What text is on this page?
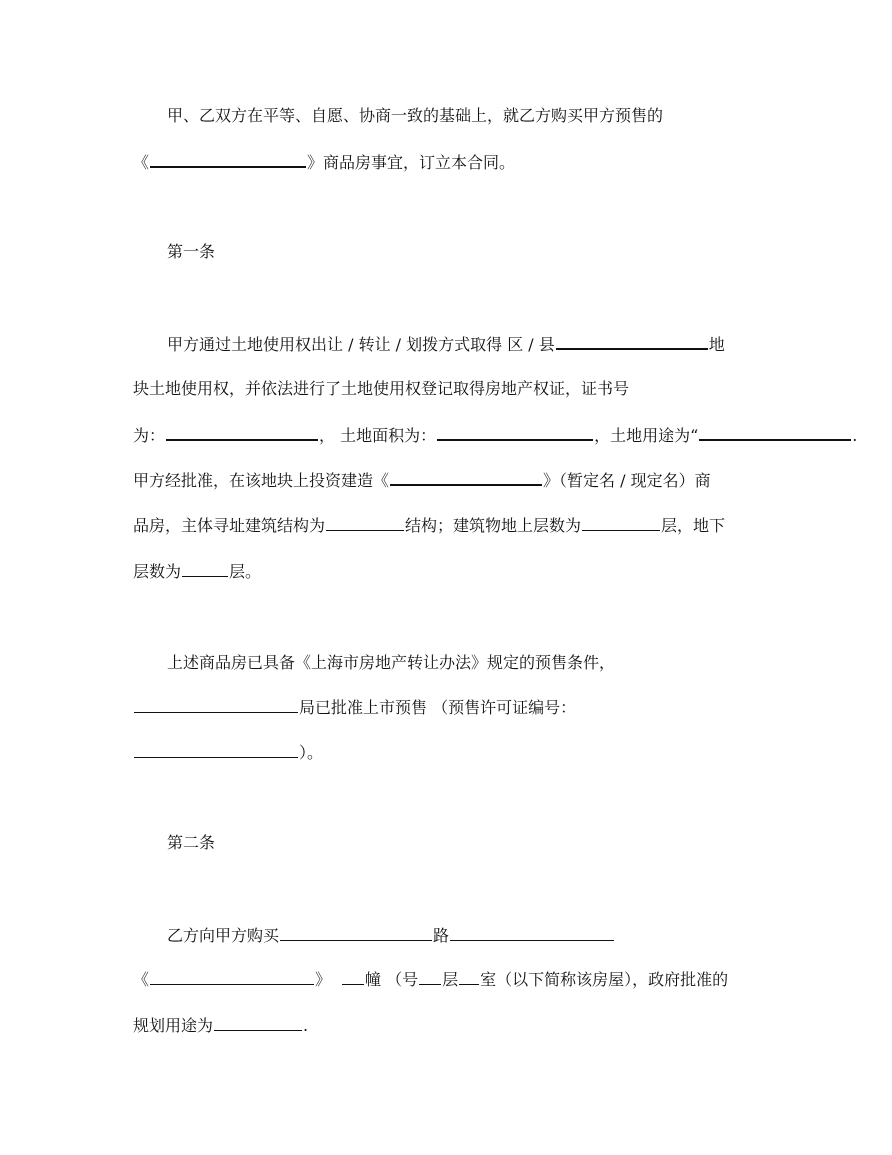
甲、乙双方在平等、自愿、协商一致的基础上，就乙方购买甲方预售的
《	》商品房事宜，订立本合同。
第一条
甲方通过土地使用权出让 / 转让 / 划拨方式取得 区 / 县	地
块土地使用权，并依法进行了土地使用权登记取得房地产权证，证书号
为：	， 土地面积为：	，土地用途为“	.
甲方经批准，在该地块上投资建造《	》（暂定名 / 现定名）商
品房，主体寻址建筑结构为	结构；建筑物地上层数为	层，地下
层数为	层。
上述商品房已具备《上海市房地产转让办法》规定的预售条件，
局已批准上市预售 （预售许可证编号：
）。
第二条
乙方向甲方购买	路
《	》 幢 （号 层 室（以下简称该房屋），政府批准的
规划用途为	.
